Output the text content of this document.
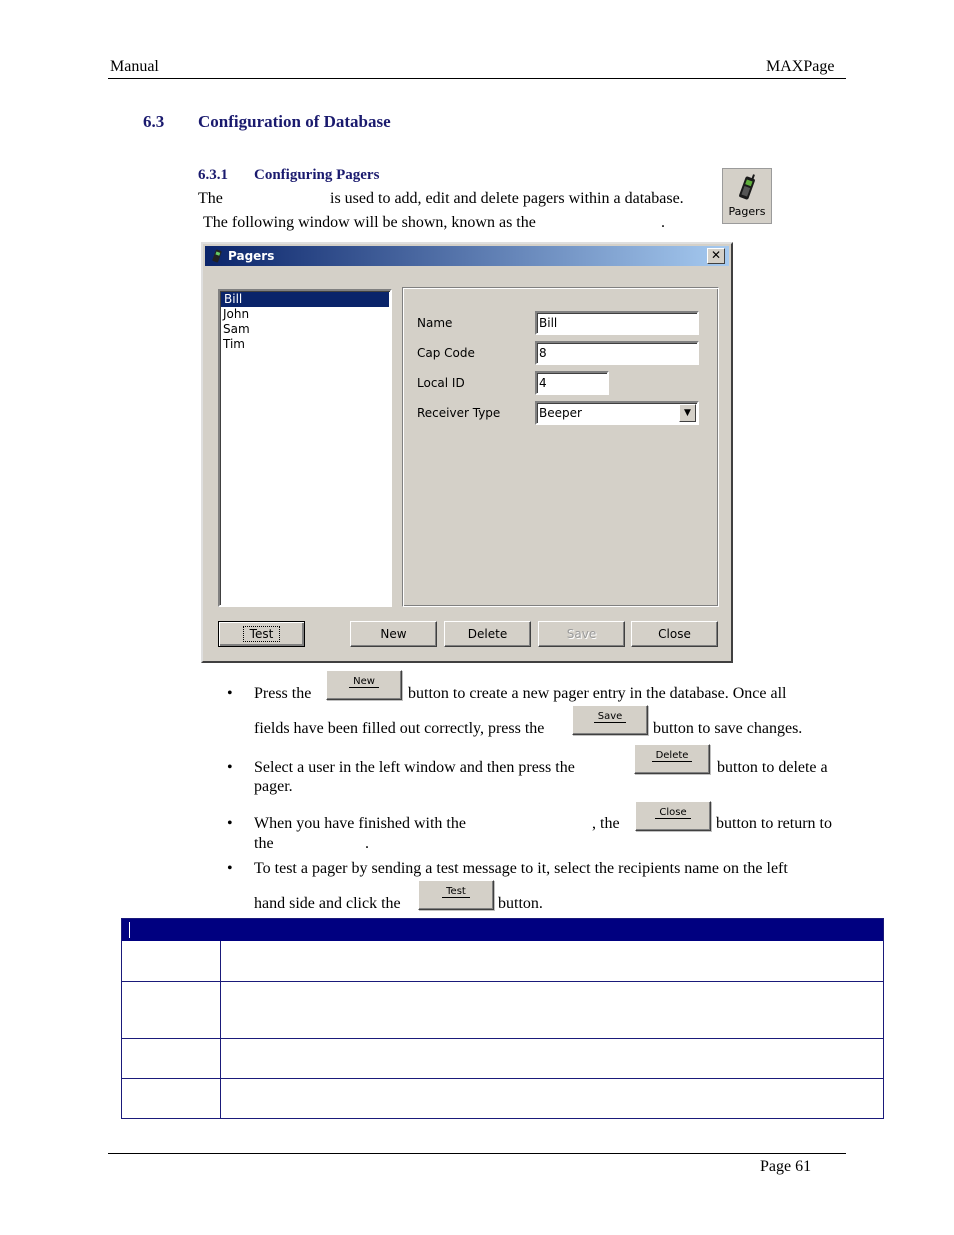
Manual	MAXPage
6.3 Configuration of Database
6.3.1 Configuring Pagers
The	is used to add, edit and delete pagers within a database.
The following window will be shown, known as the	.
Pagers
Pagers	✕
Bill
John
Sam
Tim
Name	Bill
Cap Code	8
Local ID	4
Receiver Type	Beeper	▼
Test	New	Delete	Save	Close
• Press the
New
button to create a new pager entry in the database. Once all
fields have been filled out correctly, press the
Save
button to save changes.
• Select a user in the left window and then press the
Delete
button to delete a
pager.
• When you have finished with the	, the
Close
button to return to
the	.
• To test a pager by sending a test message to it, select the recipients name on the left
hand side and click the
Test
button.
Page 61
